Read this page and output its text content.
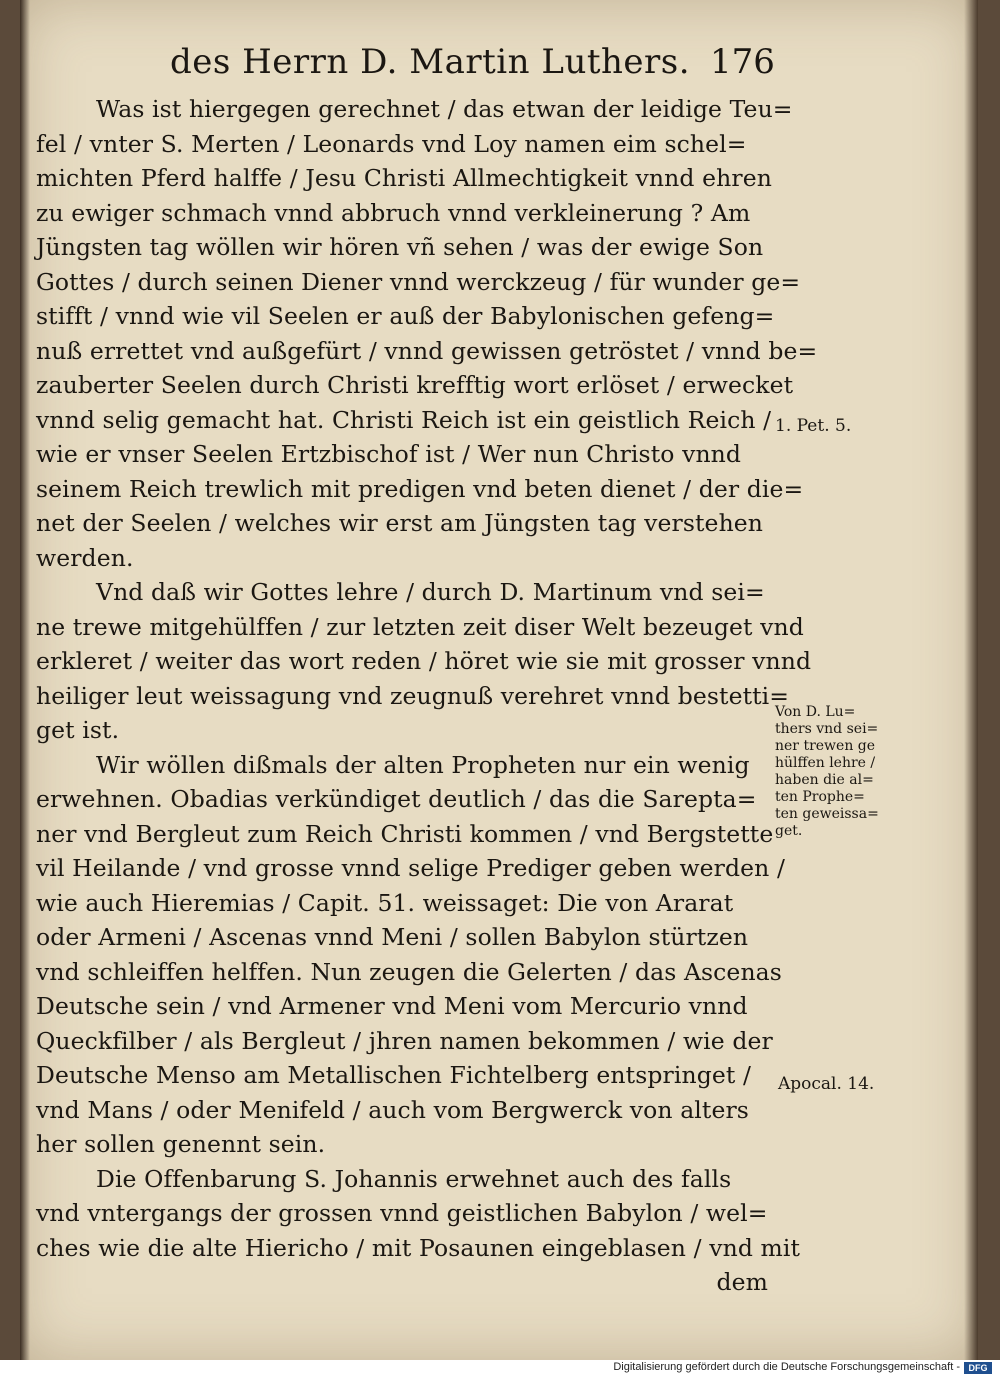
des Herrn D. Martin Luthers. 176
Was ist hiergegen gerechnet / das etwan der leidige Teu=
fel / vnter S. Merten / Leonards vnd Loy namen eim schel=
michten Pferd halffe / Jesu Christi Allmechtigkeit vnnd ehren
zu ewiger schmach vnnd abbruch vnnd verkleinerung ? Am
Jüngsten tag wöllen wir hören vñ sehen / was der ewige Son
Gottes / durch seinen Diener vnnd werckzeug / für wunder ge=
stifft / vnnd wie vil Seelen er auß der Babylonischen gefeng=
nuß errettet vnd außgefürt / vnnd gewissen getröstet / vnnd be=
zauberter Seelen durch Christi krefftig wort erlöset / erwecket
vnnd selig gemacht hat. Christi Reich ist ein geistlich Reich /
wie er vnser Seelen Ertzbischof ist / Wer nun Christo vnnd
seinem Reich trewlich mit predigen vnd beten dienet / der die=
net der Seelen / welches wir erst am Jüngsten tag verstehen
werden.
Vnd daß wir Gottes lehre / durch D. Martinum vnd sei=
ne trewe mitgehülffen / zur letzten zeit diser Welt bezeuget vnd
erkleret / weiter das wort reden / höret wie sie mit grosser vnnd
heiliger leut weissagung vnd zeugnuß verehret vnnd bestetti=
get ist.
Wir wöllen dißmals der alten Propheten nur ein wenig
erwehnen. Obadias verkündiget deutlich / das die Sarepta=
ner vnd Bergleut zum Reich Christi kommen / vnd Bergstette
vil Heilande / vnd grosse vnnd selige Prediger geben werden /
wie auch Hieremias / Capit. 51. weissaget: Die von Ararat
oder Armeni / Ascenas vnnd Meni / sollen Babylon stürtzen
vnd schleiffen helffen. Nun zeugen die Gelerten / das Ascenas
Deutsche sein / vnd Armener vnd Meni vom Mercurio vnnd
Queckfilber / als Bergleut / jhren namen bekommen / wie der
Deutsche Menso am Metallischen Fichtelberg entspringet /
vnd Mans / oder Menifeld / auch vom Bergwerck von alters
her sollen genennt sein.
Die Offenbarung S. Johannis erwehnet auch des falls
vnd vntergangs der grossen vnnd geistlichen Babylon / wel=
ches wie die alte Hiericho / mit Posaunen eingeblasen / vnd mit
dem
1. Pet. 5.
Von D. Lu=
thers vnd sei=
ner trewen ge
hülffen lehre /
haben die al=
ten Prophe=
ten geweissa=
get.
Apocal. 14.
Digitalisierung gefördert durch die Deutsche Forschungsgemeinschaft - DFG
